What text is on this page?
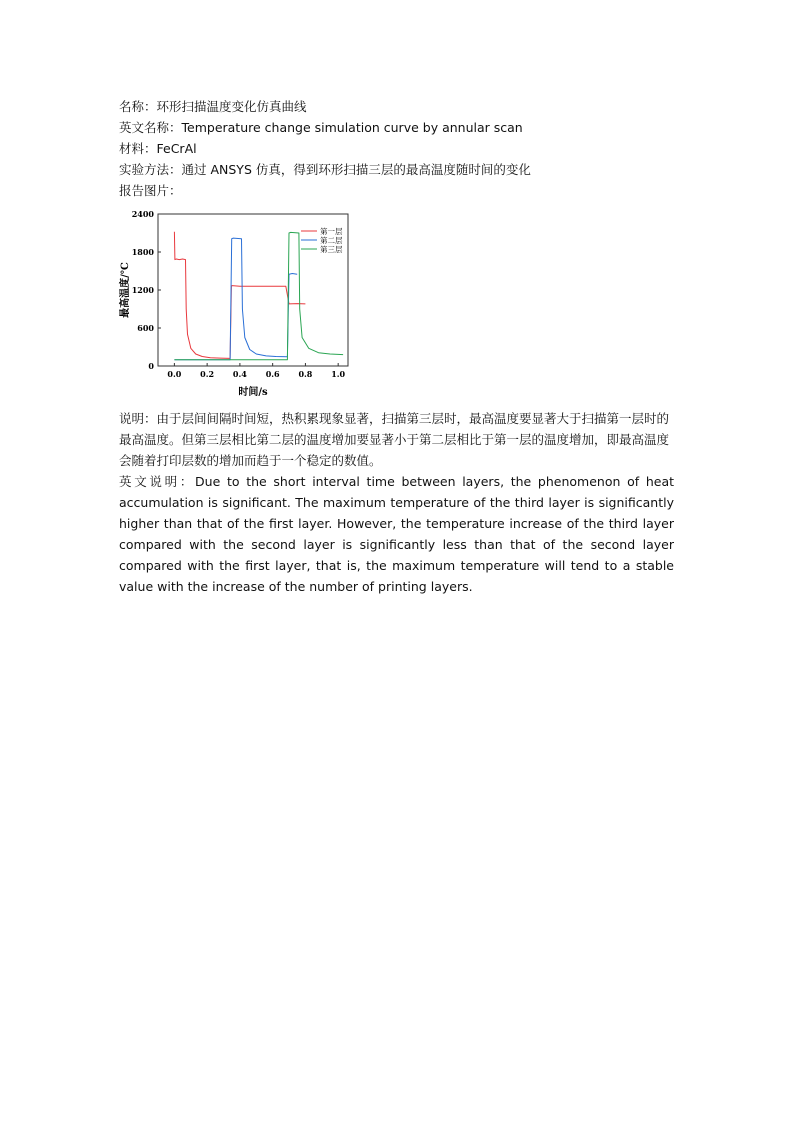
名称：环形扫描温度变化仿真曲线
英文名称：Temperature change simulation curve by annular scan
材料：FeCrAl
实验方法：通过 ANSYS 仿真，得到环形扫描三层的最高温度随时间的变化
报告图片：
0
600
1200
1800
2400
0.0 0.2 0.4 0.6 0.8 1.0
第一层
第二层
第三层
时间/s
最高温度/℃
说明：由于层间间隔时间短，热积累现象显著，扫描第三层时，最高温度要显著大于扫描第一层时的最高温度。但第三层相比第二层的温度增加要显著小于第二层相比于第一层的温度增加，即最高温度会随着打印层数的增加而趋于一个稳定的数值。
英文说明：Due to the short interval time between layers, the phenomenon of heat accumulation is significant. The maximum temperature of the third layer is significantly higher than that of the first layer. However, the temperature increase of the third layer compared with the second layer is significantly less than that of the second layer compared with the first layer, that is, the maximum temperature will tend to a stable value with the increase of the number of printing layers.
